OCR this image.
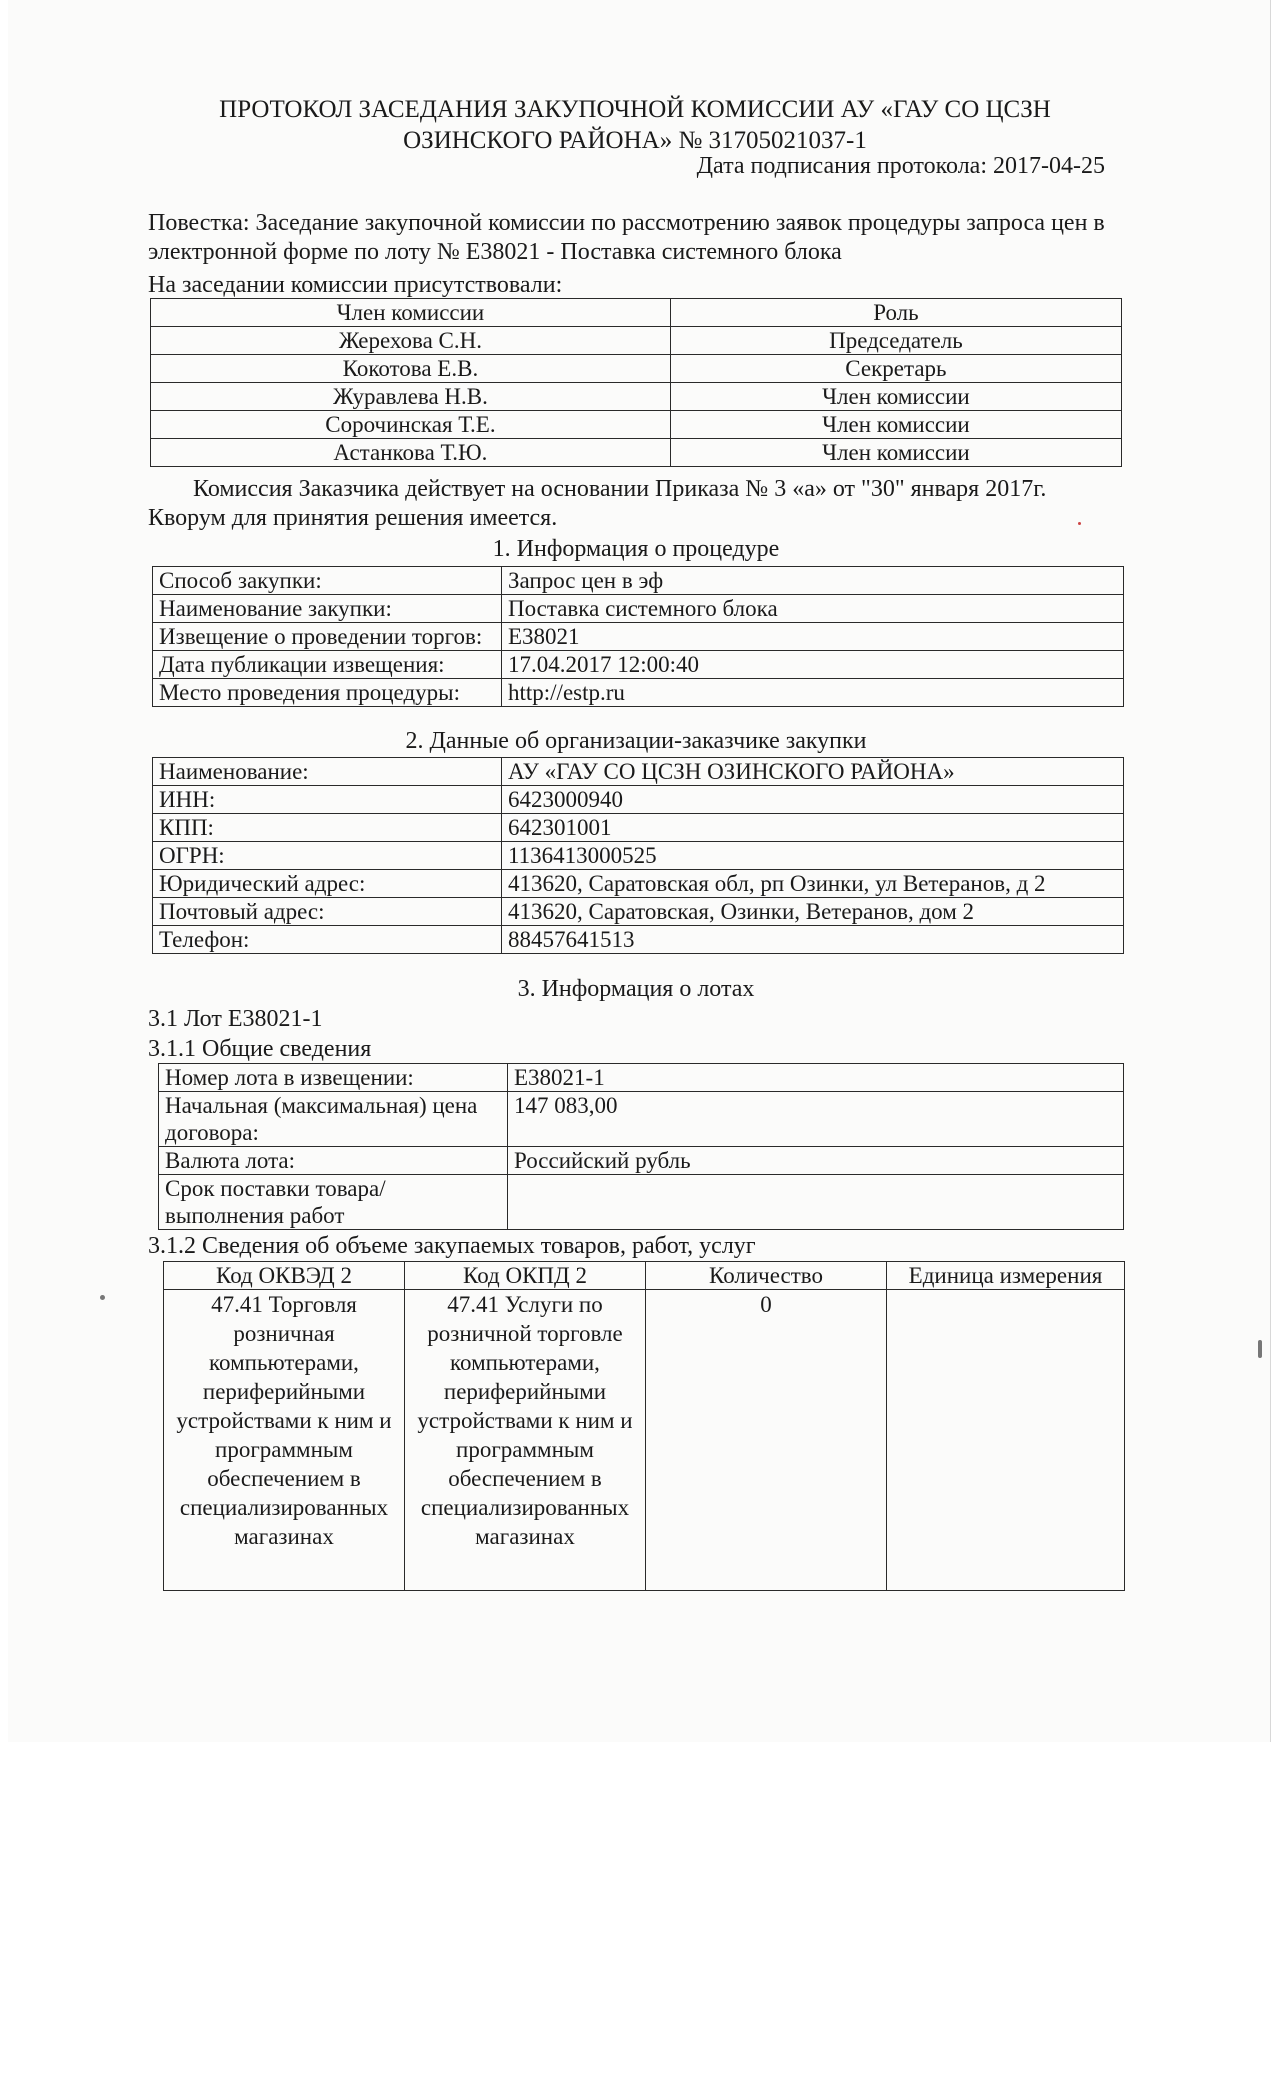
ПРОТОКОЛ ЗАСЕДАНИЯ ЗАКУПОЧНОЙ КОМИССИИ АУ «ГАУ СО ЦСЗН
ОЗИНСКОГО РАЙОНА» № 31705021037-1
Дата подписания протокола: 2017-04-25
Повестка: Заседание закупочной комиссии по рассмотрению заявок процедуры запроса цен в электронной форме по лоту № Е38021 - Поставка системного блока
На заседании комиссии присутствовали:
Член комиссии	Роль
Жерехова С.Н.	Председатель
Кокотова Е.В.	Секретарь
Журавлева Н.В.	Член комиссии
Сорочинская Т.Е.	Член комиссии
Астанкова Т.Ю.	Член комиссии
Комиссия Заказчика действует на основании Приказа № 3 «а» от "30" января 2017г. Кворум для принятия решения имеется.
1. Информация о процедуре
Способ закупки:	Запрос цен в эф
Наименование закупки:	Поставка системного блока
Извещение о проведении торгов:	Е38021
Дата публикации извещения:	17.04.2017 12:00:40
Место проведения процедуры:	http://estp.ru
2. Данные об организации-заказчике закупки
Наименование:	АУ «ГАУ СО ЦСЗН ОЗИНСКОГО РАЙОНА»
ИНН:	6423000940
КПП:	642301001
ОГРН:	1136413000525
Юридический адрес:	413620, Саратовская обл, рп Озинки, ул Ветеранов, д 2
Почтовый адрес:	413620, Саратовская, Озинки, Ветеранов, дом 2
Телефон:	88457641513
3. Информация о лотах
3.1 Лот Е38021-1
3.1.1 Общие сведения
Номер лота в извещении:	Е38021-1
Начальная (максимальная) цена договора:	147 083,00
Валюта лота:	Российский рубль
Срок поставки товара/выполнения работ	
3.1.2 Сведения об объеме закупаемых товаров, работ, услуг
Код ОКВЭД 2	Код ОКПД 2	Количество	Единица измерения
47.41 Торговля розничная компьютерами, периферийными устройствами к ним и программным обеспечением в специализированных магазинах	47.41 Услуги по розничной торговле компьютерами, периферийными устройствами к ним и программным обеспечением в специализированных магазинах	0	
